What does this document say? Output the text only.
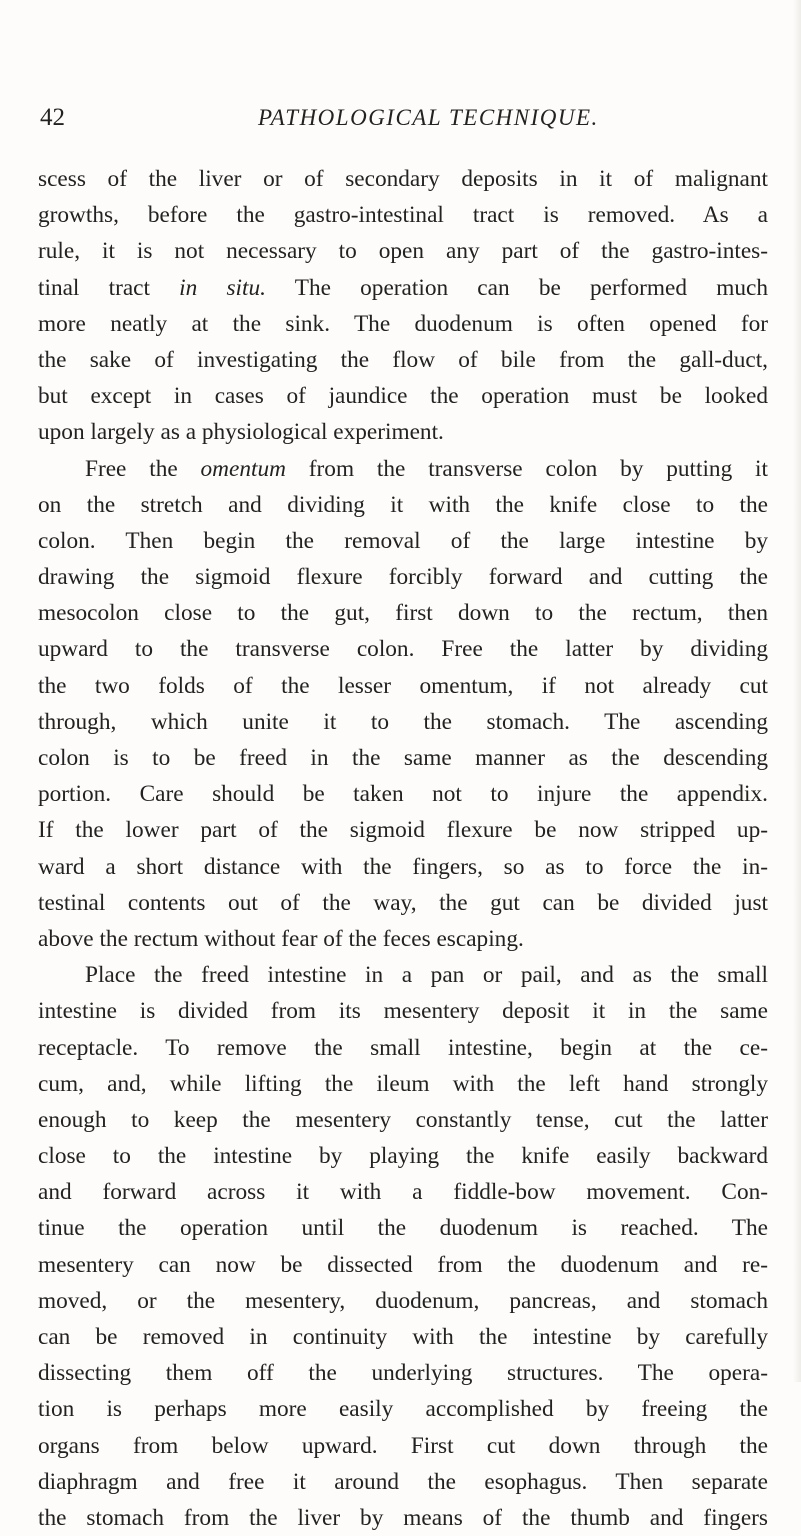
42	PATHOLOGICAL TECHNIQUE.
scess of the liver or of secondary deposits in it of malignant
growths, before the gastro-intestinal tract is removed. As a
rule, it is not necessary to open any part of the gastro-intes-
tinal tract in situ. The operation can be performed much
more neatly at the sink. The duodenum is often opened for
the sake of investigating the flow of bile from the gall-duct,
but except in cases of jaundice the operation must be looked
upon largely as a physiological experiment.
Free the omentum from the transverse colon by putting it
on the stretch and dividing it with the knife close to the
colon. Then begin the removal of the large intestine by
drawing the sigmoid flexure forcibly forward and cutting the
mesocolon close to the gut, first down to the rectum, then
upward to the transverse colon. Free the latter by dividing
the two folds of the lesser omentum, if not already cut
through, which unite it to the stomach. The ascending
colon is to be freed in the same manner as the descending
portion. Care should be taken not to injure the appendix.
If the lower part of the sigmoid flexure be now stripped up-
ward a short distance with the fingers, so as to force the in-
testinal contents out of the way, the gut can be divided just
above the rectum without fear of the feces escaping.
Place the freed intestine in a pan or pail, and as the small
intestine is divided from its mesentery deposit it in the same
receptacle. To remove the small intestine, begin at the ce-
cum, and, while lifting the ileum with the left hand strongly
enough to keep the mesentery constantly tense, cut the latter
close to the intestine by playing the knife easily backward
and forward across it with a fiddle-bow movement. Con-
tinue the operation until the duodenum is reached. The
mesentery can now be dissected from the duodenum and re-
moved, or the mesentery, duodenum, pancreas, and stomach
can be removed in continuity with the intestine by carefully
dissecting them off the underlying structures. The opera-
tion is perhaps more easily accomplished by freeing the
organs from below upward. First cut down through the
diaphragm and free it around the esophagus. Then separate
the stomach from the liver by means of the thumb and fingers
